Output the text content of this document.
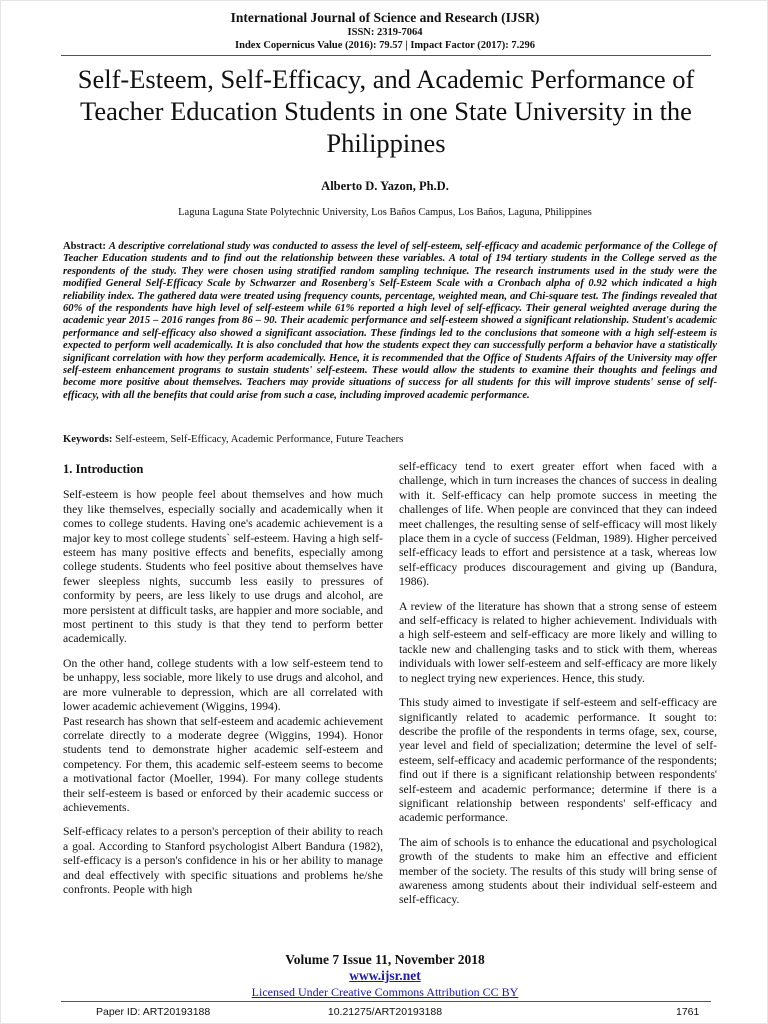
International Journal of Science and Research (IJSR)
ISSN: 2319-7064
Index Copernicus Value (2016): 79.57 | Impact Factor (2017): 7.296
Self-Esteem, Self-Efficacy, and Academic Performance of Teacher Education Students in one State University in the Philippines
Alberto D. Yazon, Ph.D.
Laguna Laguna State Polytechnic University, Los Baños Campus, Los Baños, Laguna, Philippines
Abstract: A descriptive correlational study was conducted to assess the level of self-esteem, self-efficacy and academic performance of the College of Teacher Education students and to find out the relationship between these variables. A total of 194 tertiary students in the College served as the respondents of the study. They were chosen using stratified random sampling technique. The research instruments used in the study were the modified General Self-Efficacy Scale by Schwarzer and Rosenberg's Self-Esteem Scale with a Cronbach alpha of 0.92 which indicated a high reliability index. The gathered data were treated using frequency counts, percentage, weighted mean, and Chi-square test. The findings revealed that 60% of the respondents have high level of self-esteem while 61% reported a high level of self-efficacy. Their general weighted average during the academic year 2015 – 2016 ranges from 86 – 90. Their academic performance and self-esteem showed a significant relationship. Student's academic performance and self-efficacy also showed a significant association. These findings led to the conclusions that someone with a high self-esteem is expected to perform well academically. It is also concluded that how the students expect they can successfully perform a behavior have a statistically significant correlation with how they perform academically. Hence, it is recommended that the Office of Students Affairs of the University may offer self-esteem enhancement programs to sustain students' self-esteem. These would allow the students to examine their thoughts and feelings and become more positive about themselves. Teachers may provide situations of success for all students for this will improve students' sense of self-efficacy, with all the benefits that could arise from such a case, including improved academic performance.
Keywords: Self-esteem, Self-Efficacy, Academic Performance, Future Teachers
1. Introduction

Self-esteem is how people feel about themselves and how much they like themselves, especially socially and academically when it comes to college students. Having one's academic achievement is a major key to most college students` self-esteem. Having a high self-esteem has many positive effects and benefits, especially among college students. Students who feel positive about themselves have fewer sleepless nights, succumb less easily to pressures of conformity by peers, are less likely to use drugs and alcohol, are more persistent at difficult tasks, are happier and more sociable, and most pertinent to this study is that they tend to perform better academically.

On the other hand, college students with a low self-esteem tend to be unhappy, less sociable, more likely to use drugs and alcohol, and are more vulnerable to depression, which are all correlated with lower academic achievement (Wiggins, 1994).

Past research has shown that self-esteem and academic achievement correlate directly to a moderate degree (Wiggins, 1994). Honor students tend to demonstrate higher academic self-esteem and competency. For them, this academic self-esteem seems to become a motivational factor (Moeller, 1994). For many college students their self-esteem is based or enforced by their academic success or achievements.

Self-efficacy relates to a person's perception of their ability to reach a goal. According to Stanford psychologist Albert Bandura (1982), self-efficacy is a person's confidence in his or her ability to manage and deal effectively with specific situations and problems he/she confronts. People with high

self-efficacy tend to exert greater effort when faced with a challenge, which in turn increases the chances of success in dealing with it. Self-efficacy can help promote success in meeting the challenges of life. When people are convinced that they can indeed meet challenges, the resulting sense of self-efficacy will most likely place them in a cycle of success (Feldman, 1989). Higher perceived self-efficacy leads to effort and persistence at a task, whereas low self-efficacy produces discouragement and giving up (Bandura, 1986).

A review of the literature has shown that a strong sense of esteem and self-efficacy is related to higher achievement. Individuals with a high self-esteem and self-efficacy are more likely and willing to tackle new and challenging tasks and to stick with them, whereas individuals with lower self-esteem and self-efficacy are more likely to neglect trying new experiences. Hence, this study.

This study aimed to investigate if self-esteem and self-efficacy are significantly related to academic performance. It sought to: describe the profile of the respondents in terms ofage, sex, course, year level and field of specialization; determine the level of self-esteem, self-efficacy and academic performance of the respondents; find out if there is a significant relationship between respondents' self-esteem and academic performance; determine if there is a significant relationship between respondents' self-efficacy and academic performance.

The aim of schools is to enhance the educational and psychological growth of the students to make him an effective and efficient member of the society. The results of this study will bring sense of awareness among students about their individual self-esteem and self-efficacy.

Volume 7 Issue 11, November 2018
www.ijsr.net
Licensed Under Creative Commons Attribution CC BY
Paper ID: ART20193188	10.21275/ART20193188	1761
